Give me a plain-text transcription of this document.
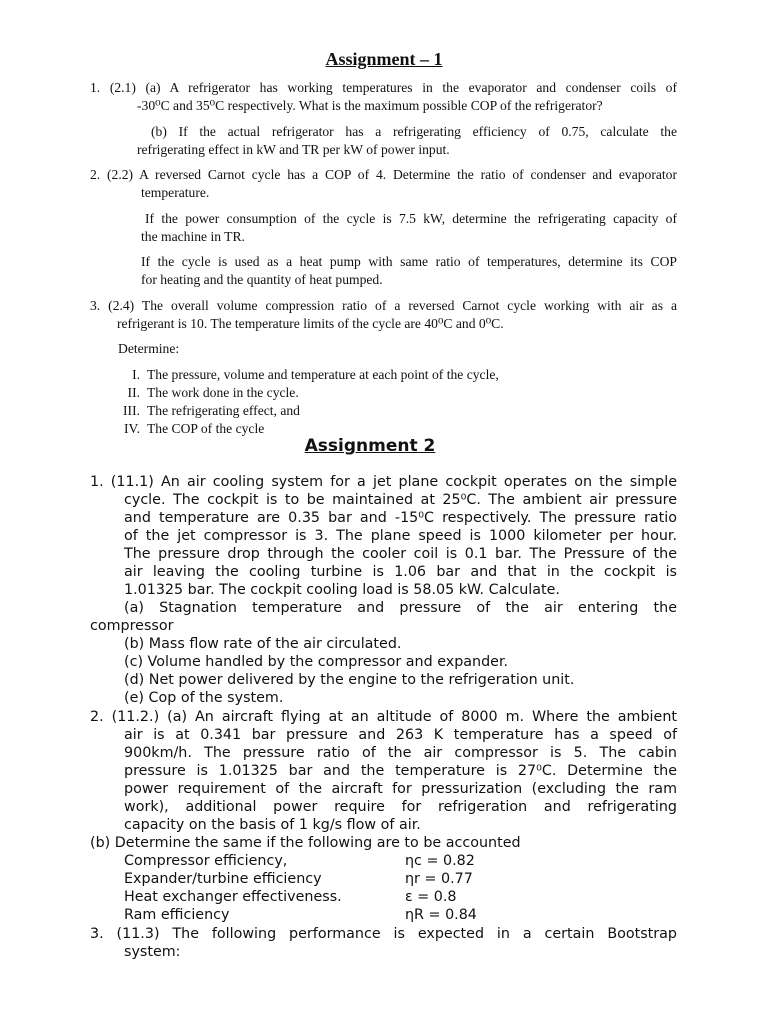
Assignment – 1
1. (2.1) (a) A refrigerator has working temperatures in the evaporator and condenser coils of
-30⁰C and 35⁰C respectively. What is the maximum possible COP of the refrigerator?
(b) If the actual refrigerator has a refrigerating efficiency of 0.75, calculate the
refrigerating effect in kW and TR per kW of power input.
2. (2.2) A reversed Carnot cycle has a COP of 4. Determine the ratio of condenser and evaporator
temperature.
If the power consumption of the cycle is 7.5 kW, determine the refrigerating capacity of
the machine in TR.
If the cycle is used as a heat pump with same ratio of temperatures, determine its COP
for heating and the quantity of heat pumped.
3. (2.4) The overall volume compression ratio of a reversed Carnot cycle working with air as a
refrigerant is 10. The temperature limits of the cycle are 40⁰C and 0⁰C.
Determine:
I. The pressure, volume and temperature at each point of the cycle,
II. The work done in the cycle.
III. The refrigerating effect, and
IV. The COP of the cycle
Assignment 2
1. (11.1) An air cooling system for a jet plane cockpit operates on the simple
cycle. The cockpit is to be maintained at 25⁰C. The ambient air pressure
and temperature are 0.35 bar and -15⁰C respectively. The pressure ratio
of the jet compressor is 3. The plane speed is 1000 kilometer per hour.
The pressure drop through the cooler coil is 0.1 bar. The Pressure of the
air leaving the cooling turbine is 1.06 bar and that in the cockpit is
1.01325 bar. The cockpit cooling load is 58.05 kW. Calculate.
(a) Stagnation temperature and pressure of the air entering the
compressor
(b) Mass flow rate of the air circulated.
(c) Volume handled by the compressor and expander.
(d) Net power delivered by the engine to the refrigeration unit.
(e) Cop of the system.
2. (11.2.) (a) An aircraft flying at an altitude of 8000 m. Where the ambient
air is at 0.341 bar pressure and 263 K temperature has a speed of
900km/h. The pressure ratio of the air compressor is 5. The cabin
pressure is 1.01325 bar and the temperature is 27⁰C. Determine the
power requirement of the aircraft for pressurization (excluding the ram
work), additional power require for refrigeration and refrigerating
capacity on the basis of 1 kg/s flow of air.
(b) Determine the same if the following are to be accounted
Compressor efficiency,	ηc = 0.82
Expander/turbine efficiency	ηr = 0.77
Heat exchanger effectiveness.	ε = 0.8
Ram efficiency	ηR = 0.84
3. (11.3) The following performance is expected in a certain Bootstrap
system:
